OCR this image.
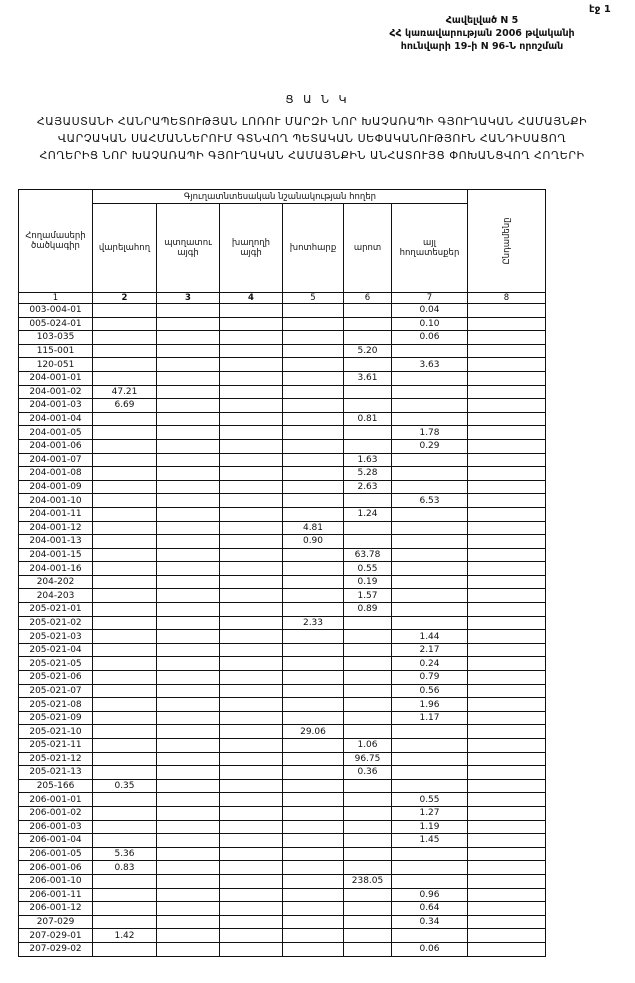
էջ 1
Հավելված N 5
ՀՀ կառավարության 2006 թվականի
հունվարի 19-ի N 96-Ն որոշման
Ց Ա Ն Կ
ՀԱՅԱՍՏԱՆԻ ՀԱՆՐԱՊԵՏՈՒԹՅԱՆ ԼՈՌՈՒ ՄԱՐԶԻ ՆՈՐ ԽԱՉԱՌԱՊԻ ԳՅՈՒՂԱԿԱՆ ՀԱՄԱՅՆՔԻ
ՎԱՐՉԱԿԱՆ ՍԱՀՄԱՆՆԵՐՈՒՄ ԳՏՆՎՈՂ ՊԵՏԱԿԱՆ ՍԵՓԱԿԱՆՈՒԹՅՈՒՆ ՀԱՆԴԻՍԱՑՈՂ
ՀՈՂԵՐԻՑ ՆՈՐ ԽԱՉԱՌԱՊԻ ԳՅՈՒՂԱԿԱՆ ՀԱՄԱՅՆՔԻՆ ԱՆՀԱՏՈՒՅՑ ՓՈԽԱՆՑՎՈՂ ՀՈՂԵՐԻ
Հողամասերի ծածկագիր	Գյուղատնտեսական նշանակության հողեր						Ընդամենը

	վարելահող	պտղատու այգի	խաղողի այգի	խոտհարք	արոտ	այլ հողատեսքեր	
1	2	3	4	5	6	7	8
003-004-01						0.04	
005-024-01						0.10	
103-035						0.06	
115-001					5.20		
120-051						3.63	
204-001-01					3.61		
204-001-02	47.21						
204-001-03	6.69						
204-001-04					0.81		
204-001-05						1.78	
204-001-06						0.29	
204-001-07					1.63		
204-001-08					5.28		
204-001-09					2.63		
204-001-10						6.53	
204-001-11					1.24		
204-001-12				4.81			
204-001-13				0.90			
204-001-15					63.78		
204-001-16					0.55		
204-202					0.19		
204-203					1.57		
205-021-01					0.89		
205-021-02				2.33			
205-021-03						1.44	
205-021-04						2.17	
205-021-05						0.24	
205-021-06						0.79	
205-021-07						0.56	
205-021-08						1.96	
205-021-09						1.17	
205-021-10				29.06			
205-021-11					1.06		
205-021-12					96.75		
205-021-13					0.36		
205-166	0.35						
206-001-01						0.55	
206-001-02						1.27	
206-001-03						1.19	
206-001-04						1.45	
206-001-05	5.36						
206-001-06	0.83						
206-001-10					238.05		
206-001-11						0.96	
206-001-12						0.64	
207-029						0.34	
207-029-01	1.42						
207-029-02						0.06	
